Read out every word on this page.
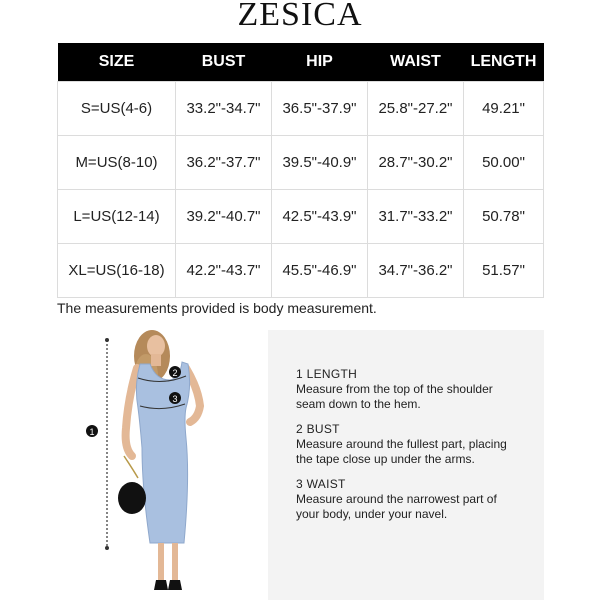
ZESICA
SIZE	BUST	HIP	WAIST	LENGTH
S=US(4-6)	33.2"-34.7"	36.5"-37.9"	25.8"-27.2"	49.21"
M=US(8-10)	36.2"-37.7"	39.5"-40.9"	28.7"-30.2"	50.00"
L=US(12-14)	39.2"-40.7"	42.5"-43.9"	31.7"-33.2"	50.78"
XL=US(16-18)	42.2"-43.7"	45.5"-46.9"	34.7"-36.2"	51.57"
The measurements provided is body measurement.
1
2
3
1 LENGTH
Measure from the top of the shoulder
seam down to the hem.
2 BUST
Measure around the fullest part, placing
the tape close up under the arms.
3 WAIST
Measure around the narrowest part of
your body, under your navel.
